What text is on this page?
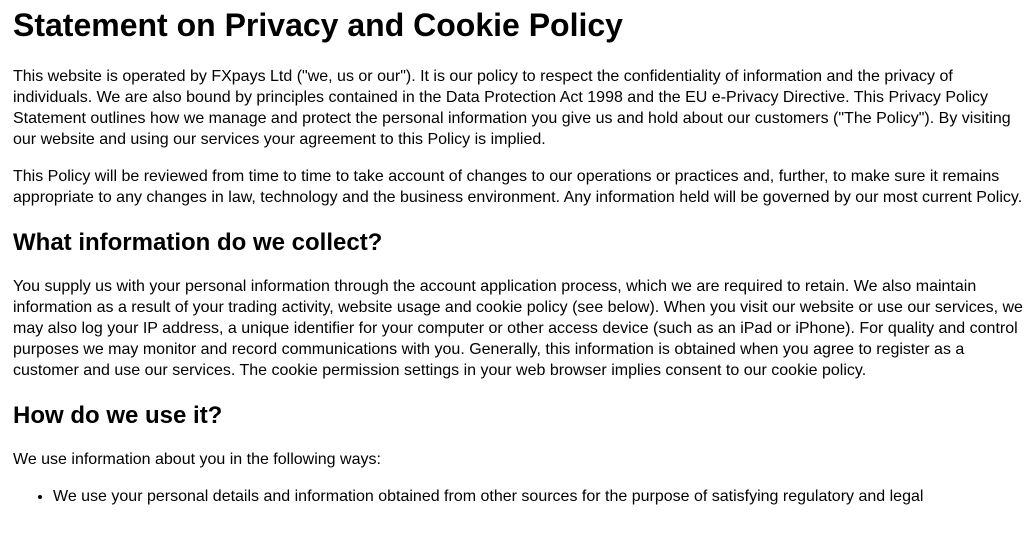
Statement on Privacy and Cookie Policy

This website is operated by FXpays Ltd ("we, us or our"). It is our policy to respect the confidentiality of information and the privacy of individuals. We are also bound by principles contained in the Data Protection Act 1998 and the EU e-Privacy Directive. This Privacy Policy Statement outlines how we manage and protect the personal information you give us and hold about our customers ("The Policy"). By visiting our website and using our services your agreement to this Policy is implied.

This Policy will be reviewed from time to time to take account of changes to our operations or practices and, further, to make sure it remains appropriate to any changes in law, technology and the business environment. Any information held will be governed by our most current Policy.

What information do we collect?

You supply us with your personal information through the account application process, which we are required to retain. We also maintain information as a result of your trading activity, website usage and cookie policy (see below). When you visit our website or use our services, we may also log your IP address, a unique identifier for your computer or other access device (such as an iPad or iPhone). For quality and control purposes we may monitor and record communications with you. Generally, this information is obtained when you agree to register as a customer and use our services. The cookie permission settings in your web browser implies consent to our cookie policy.

How do we use it?

We use information about you in the following ways:

• We use your personal details and information obtained from other sources for the purpose of satisfying regulatory and legal
